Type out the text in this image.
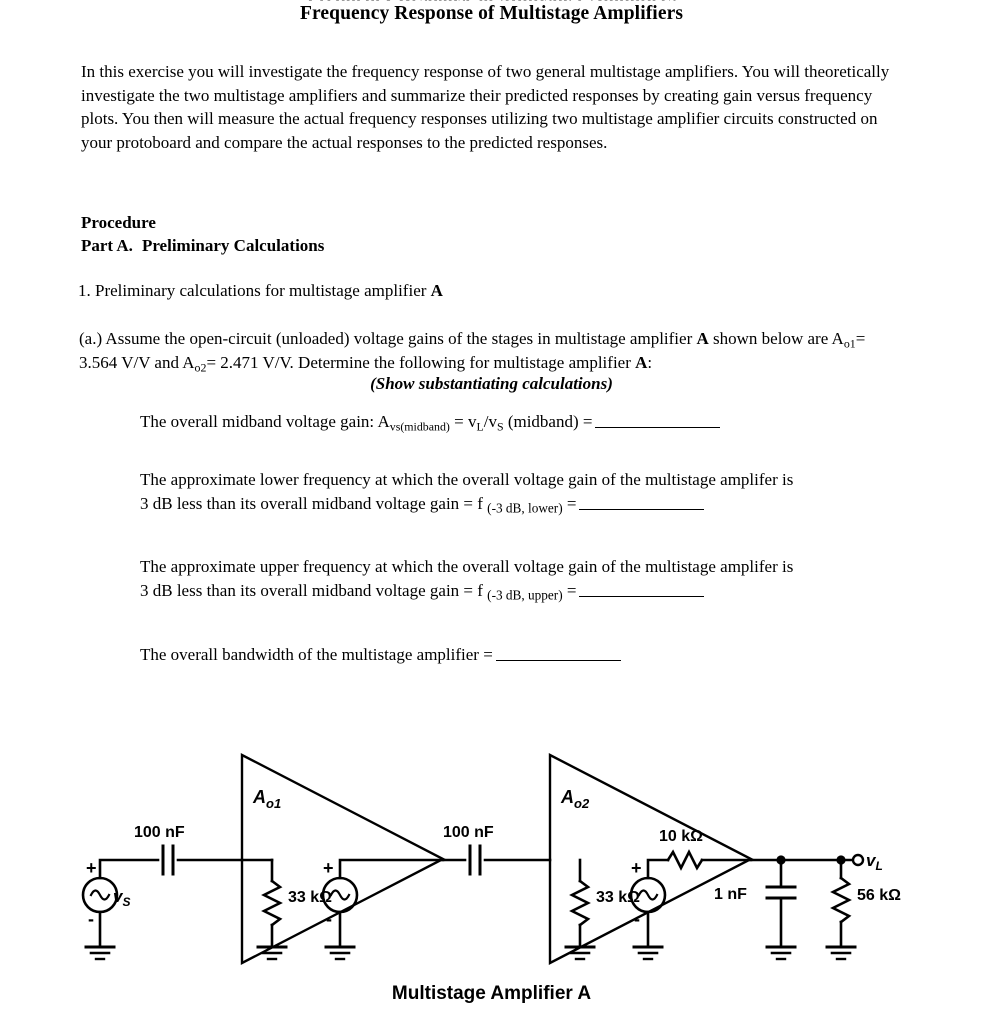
Frequency Response of Multistage Amplifiers
In this exercise you will investigate the frequency response of two general multistage amplifiers. You will theoretically investigate the two multistage amplifiers and summarize their predicted responses by creating gain versus frequency plots. You then will measure the actual frequency responses utilizing two multistage amplifier circuits constructed on your protoboard and compare the actual responses to the predicted responses.
Procedure
Part A. Preliminary Calculations
1. Preliminary calculations for multistage amplifier A
(a.) Assume the open-circuit (unloaded) voltage gains of the stages in multistage amplifier A shown below are $A_{o1}= 3.564$ V/V and $A_{o2}= 2.471$ V/V. Determine the following for multistage amplifier A:
(Show substantiating calculations)
The overall midband voltage gain: $A_{vs(midband)} = v_L/v_S$ (midband) =
The approximate lower frequency at which the overall voltage gain of the multistage amplifer is
3 dB less than its overall midband voltage gain = f $_{(-3 dB, lower)}$ =
The approximate upper frequency at which the overall voltage gain of the multistage amplifer is
3 dB less than its overall midband voltage gain = f $_{(-3 dB, upper)}$ =
The overall bandwidth of the multistage amplifier =
$v_S$
+
-
100 nF
$A_{o1}$
33 kΩ
+
-
100 nF
$A_{o2}$
33 kΩ
+
-
10 kΩ
1 nF	56 kΩ
$v_L$
Multistage Amplifier A
